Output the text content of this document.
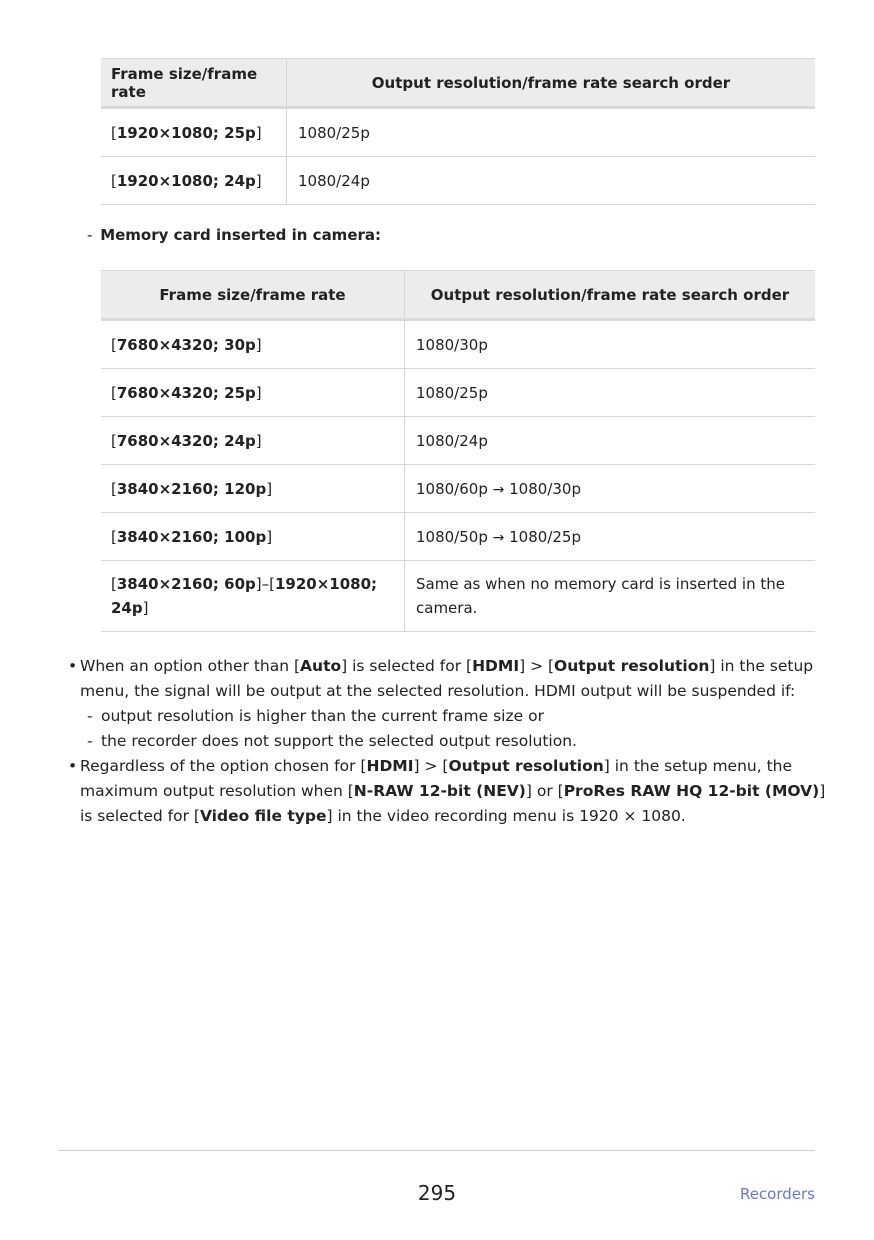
Frame size/frame rate	Output resolution/frame rate search order
[1920×1080; 25p]	1080/25p
[1920×1080; 24p]	1080/24p
- Memory card inserted in camera:
Frame size/frame rate	Output resolution/frame rate search order
[7680×4320; 30p]	1080/30p
[7680×4320; 25p]	1080/25p
[7680×4320; 24p]	1080/24p
[3840×2160; 120p]	1080/60p → 1080/30p
[3840×2160; 100p]	1080/50p → 1080/25p
[3840×2160; 60p]–[1920×1080; 24p]	Same as when no memory card is inserted in the camera.
• When an option other than [Auto] is selected for [HDMI] > [Output resolution] in the setup menu, the signal will be output at the selected resolution. HDMI output will be suspended if:
- output resolution is higher than the current frame size or
- the recorder does not support the selected output resolution.
• Regardless of the option chosen for [HDMI] > [Output resolution] in the setup menu, the maximum output resolution when [N-RAW 12-bit (NEV)] or [ProRes RAW HQ 12-bit (MOV)]
is selected for [Video file type] in the video recording menu is 1920 × 1080.
295	Recorders
